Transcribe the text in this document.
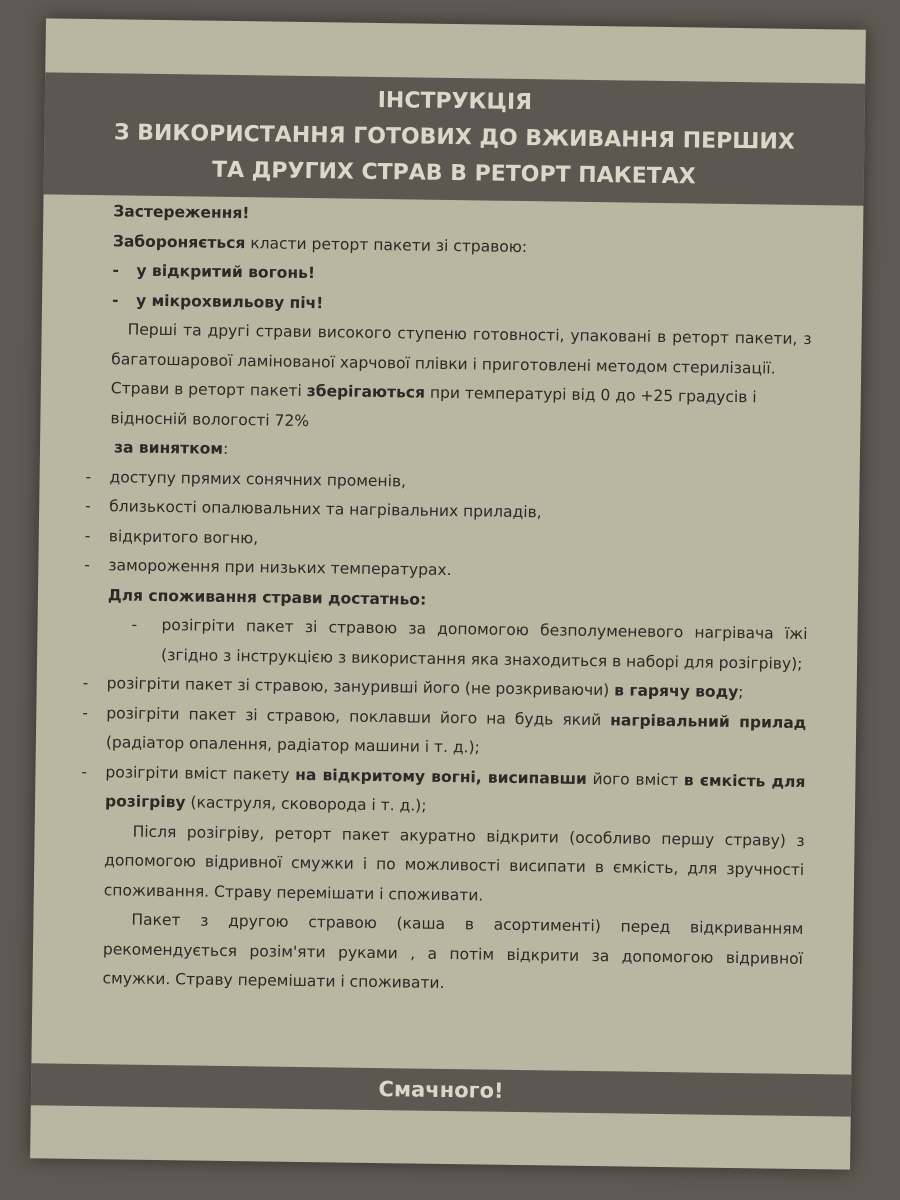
ІНСТРУКЦІЯ
З ВИКОРИСТАННЯ ГОТОВИХ ДО ВЖИВАННЯ ПЕРШИХ
ТА ДРУГИХ СТРАВ В РЕТОРТ ПАКЕТАХ

Застереження!

Забороняється класти реторт пакети зі стравою:

- у відкритий вогонь!

- у мікрохвильову піч!

Перші та другі страви високого ступеню готовності, упаковані в реторт пакети, з багатошарової ламінованої харчової плівки і приготовлені методом стерилізації.

Страви в реторт пакеті зберігаються при температурі від 0 до +25 градусів і відносній вологості 72%

за винятком:

- доступу прямих сонячних променів,

- близькості опалювальних та нагрівальних приладів,

- відкритого вогню,

- замороження при низьких температурах.

Для споживання страви достатньо:

- розігріти пакет зі стравою за допомогою безполуменевого нагрівача їжі (згідно з інструкцією з використання яка знаходиться в наборі для розігріву);

- розігріти пакет зі стравою, занурившi його (не розкриваючи) в гарячу воду;

- розігріти пакет зі стравою, поклавши його на будь який нагрівальний прилад (радіатор опалення, радіатор машини і т. д.);

- розігріти вміст пакету на відкритому вогні, висипавши його вміст в ємкість для розігріву (каструля, сковорода і т. д.);

Після розігріву, реторт пакет акуратно відкрити (особливо першу страву) з допомогою відривної смужки і по можливості висипати в ємкість, для зручності споживання. Страву перемішати і споживати.

Пакет з другою стравою (каша в асортименті) перед відкриванням рекомендується розім'яти руками , а потім відкрити за допомогою відривної смужки. Страву перемішати і споживати.

Смачного!
